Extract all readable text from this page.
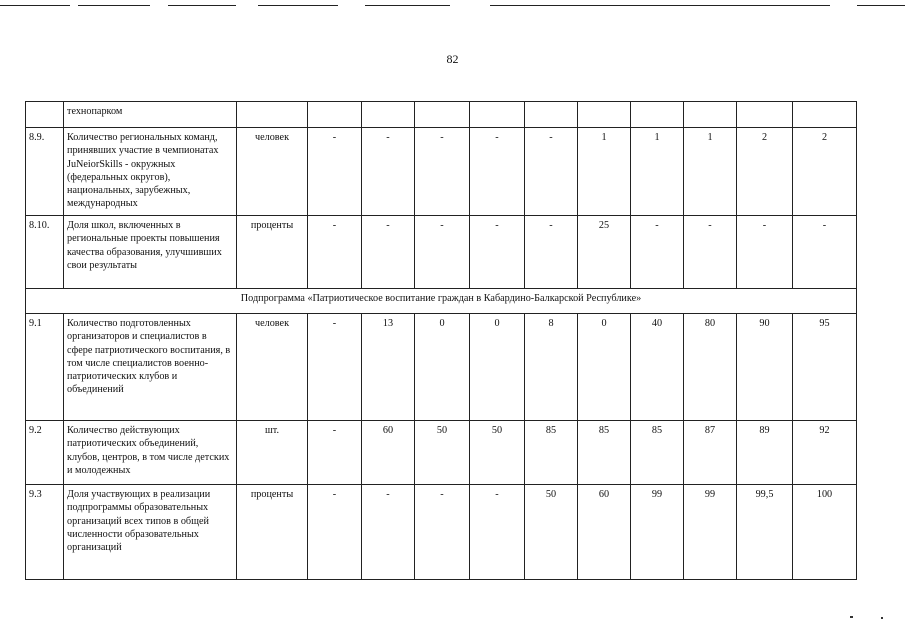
82
	технопарком											
8.9.	Количество региональных команд, принявших участие в чемпионатах JuNeiorSkills - окружных (федеральных округов), национальных, зарубежных, международных	человек	-	-	-	-	-	1	1	1	2	2
8.10.	Доля школ, включенных в региональные проекты повышения качества образования, улучшивших свои результаты	проценты	-	-	-	-	-	25	-	-	-	-
Подпрограмма «Патриотическое воспитание граждан в Кабардино-Балкарской Республике»												
9.1	Количество подготовленных организаторов и специалистов в сфере патриотического воспитания, в том числе специалистов военно-патриотических клубов и объединений	человек	-	13	0	0	8	0	40	80	90	95
9.2	Количество действующих патриотических объединений, клубов, центров, в том числе детских и молодежных	шт.	-	60	50	50	85	85	85	87	89	92
9.3	Доля участвующих в реализации подпрограммы образовательных организаций всех типов в общей численности образовательных организаций	проценты	-	-	-	-	50	60	99	99	99,5	100
